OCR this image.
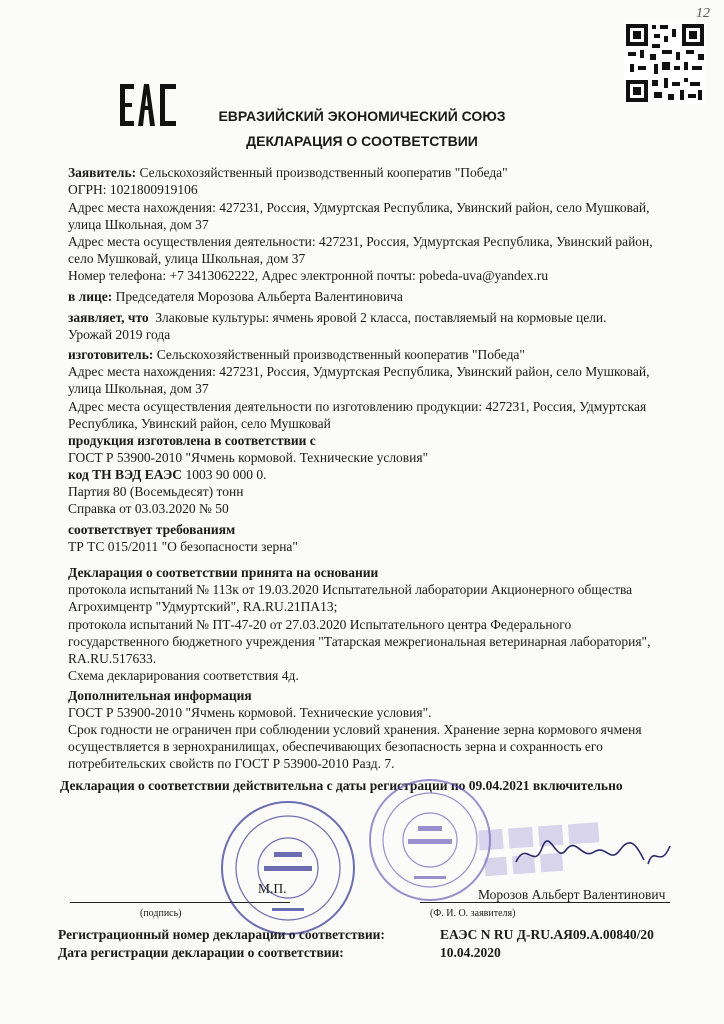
12
ЕВРАЗИЙСКИЙ ЭКОНОМИЧЕСКИЙ СОЮЗ
ДЕКЛАРАЦИЯ О СООТВЕТСТВИИ
Заявитель: Сельскохозяйственный производственный кооператив "Победа"
ОГРН: 1021800919106
Адрес места нахождения: 427231, Россия, Удмуртская Республика, Увинский район, село Мушковай,
улица Школьная, дом 37
Адрес места осуществления деятельности: 427231, Россия, Удмуртская Республика, Увинский район,
село Мушковай, улица Школьная, дом 37
Номер телефона: +7 3413062222, Адрес электронной почты: pobeda-uva@yandex.ru
в лице: Председателя Морозова Альберта Валентиновича
заявляет, что Злаковые культуры: ячмень яровой 2 класса, поставляемый на кормовые цели.
Урожай 2019 года
изготовитель: Сельскохозяйственный производственный кооператив "Победа"
Адрес места нахождения: 427231, Россия, Удмуртская Республика, Увинский район, село Мушковай,
улица Школьная, дом 37
Адрес места осуществления деятельности по изготовлению продукции: 427231, Россия, Удмуртская
Республика, Увинский район, село Мушковай
продукция изготовлена в соответствии с
ГОСТ Р 53900-2010 "Ячмень кормовой. Технические условия"
код ТН ВЭД ЕАЭС 1003 90 000 0.
Партия 80 (Восемьдесят) тонн
Справка от 03.03.2020 № 50
соответствует требованиям
ТР ТС 015/2011 "О безопасности зерна"
Декларация о соответствии принята на основании
протокола испытаний № 113к от 19.03.2020 Испытательной лаборатории Акционерного общества
Агрохимцентр "Удмуртский", RA.RU.21ПА13;
протокола испытаний № ПТ-47-20 от 27.03.2020 Испытательного центра Федерального
государственного бюджетного учреждения "Татарская межрегиональная ветеринарная лаборатория",
RA.RU.517633.
Схема декларирования соответствия 4д.
Дополнительная информация
ГОСТ Р 53900-2010 "Ячмень кормовой. Технические условия".
Срок годности не ограничен при соблюдении условий хранения. Хранение зерна кормового ячменя
осуществляется в зернохранилищах, обеспечивающих безопасность зерна и сохранность его
потребительских свойств по ГОСТ Р 53900-2010 Разд. 7.
Декларация о соответствии действительна с даты регистрации по 09.04.2021 включительно
М.П.	Морозов Альберт Валентинович
(подпись)	(Ф. И. О. заявителя)
Регистрационный номер декларации о соответствии:	ЕАЭС N RU Д-RU.АЯ09.А.00840/20
Дата регистрации декларации о соответствии:	10.04.2020
